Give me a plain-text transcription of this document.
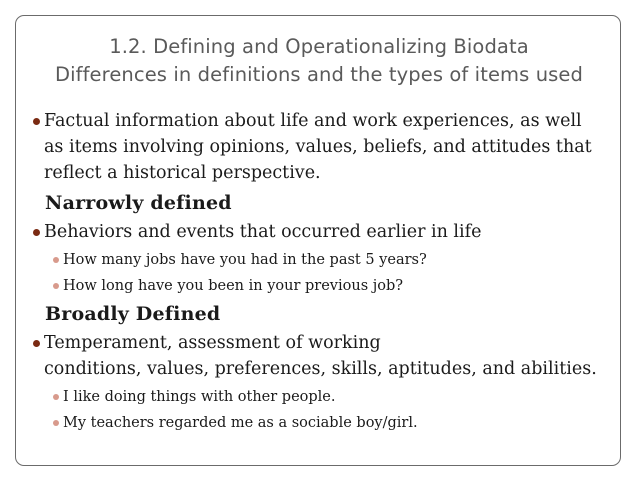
1.2. Defining and Operationalizing Biodata
Differences in definitions and the types of items used
Factual information about life and work experiences, as well
as items involving opinions, values, beliefs, and attitudes that
reflect a historical perspective.
Narrowly defined
Behaviors and events that occurred earlier in life
How many jobs have you had in the past 5 years?
How long have you been in your previous job?
Broadly Defined
Temperament, assessment of working
conditions, values, preferences, skills, aptitudes, and abilities.
I like doing things with other people.
My teachers regarded me as a sociable boy/girl.
